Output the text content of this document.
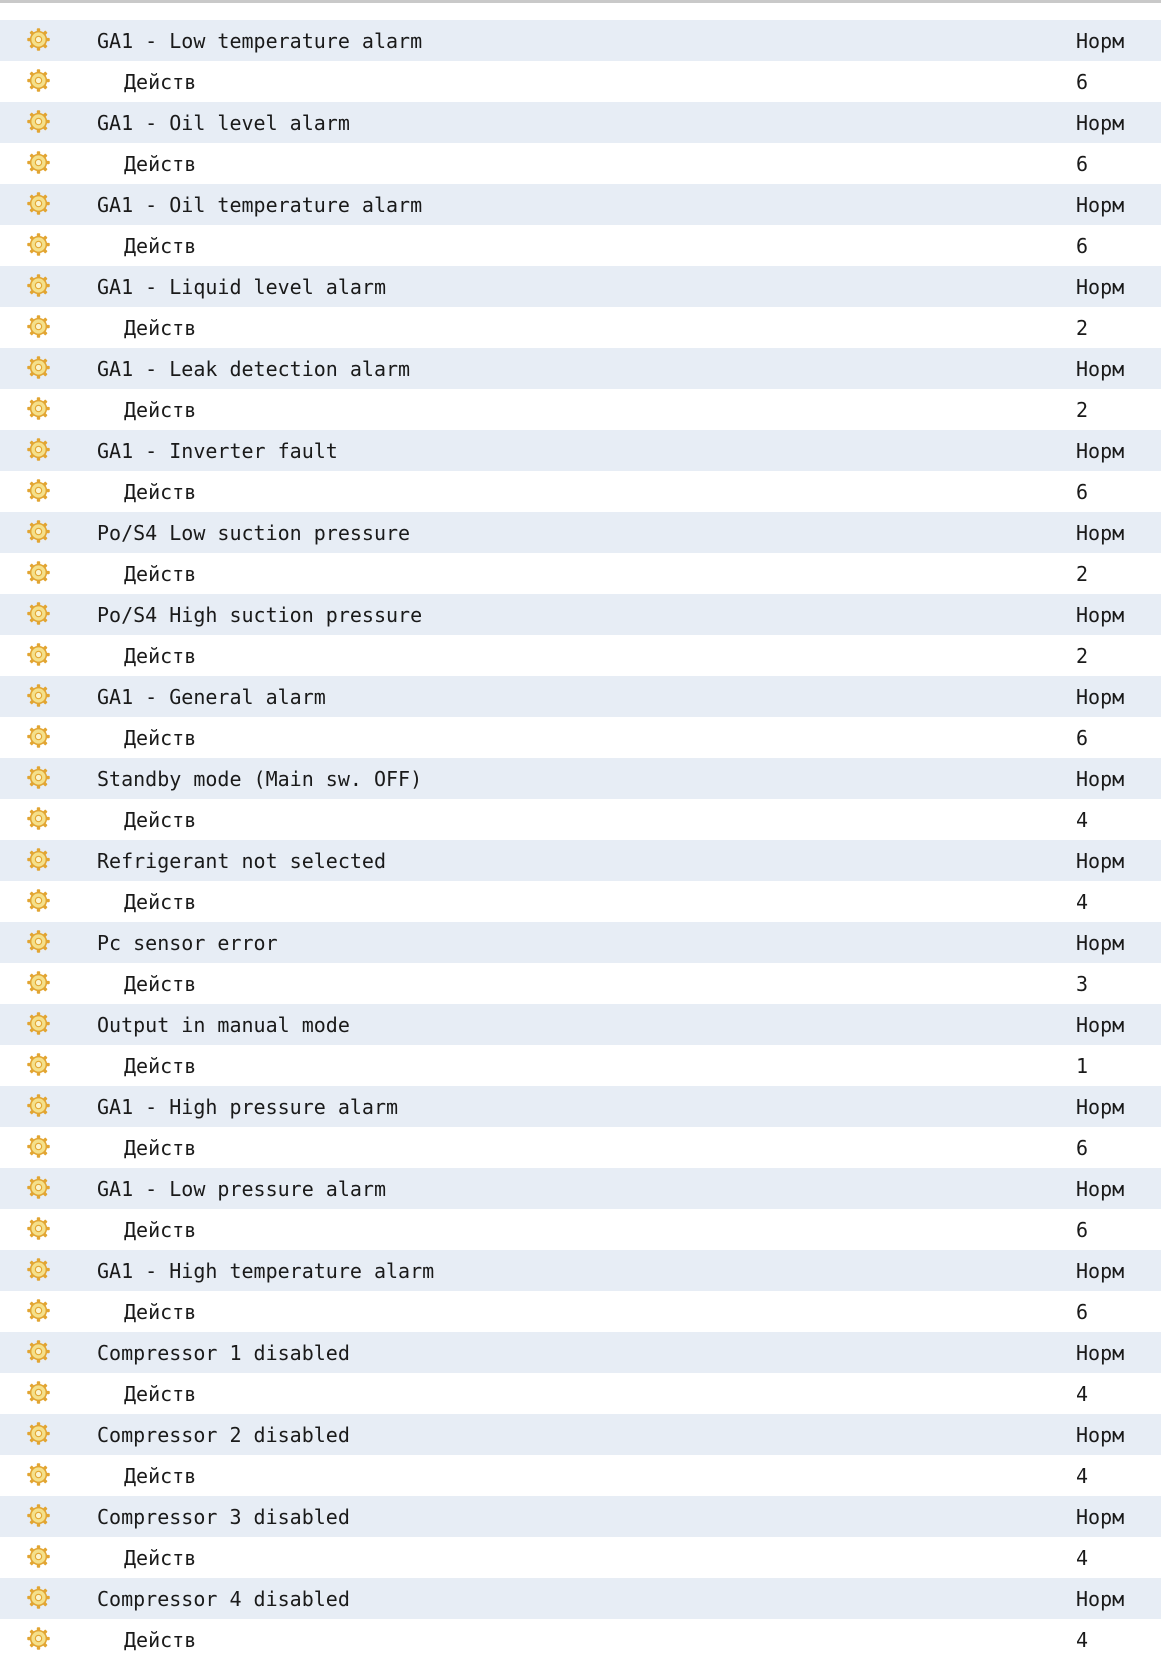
GA1 - Low temperature alarm	Норм
Действ	6
GA1 - Oil level alarm	Норм
Действ	6
GA1 - Oil temperature alarm	Норм
Действ	6
GA1 - Liquid level alarm	Норм
Действ	2
GA1 - Leak detection alarm	Норм
Действ	2
GA1 - Inverter fault	Норм
Действ	6
Po/S4 Low suction pressure	Норм
Действ	2
Po/S4 High suction pressure	Норм
Действ	2
GA1 - General alarm	Норм
Действ	6
Standby mode (Main sw. OFF)	Норм
Действ	4
Refrigerant not selected	Норм
Действ	4
Pc sensor error	Норм
Действ	3
Output in manual mode	Норм
Действ	1
GA1 - High pressure alarm	Норм
Действ	6
GA1 - Low pressure alarm	Норм
Действ	6
GA1 - High temperature alarm	Норм
Действ	6
Compressor 1 disabled	Норм
Действ	4
Compressor 2 disabled	Норм
Действ	4
Compressor 3 disabled	Норм
Действ	4
Compressor 4 disabled	Норм
Действ	4
